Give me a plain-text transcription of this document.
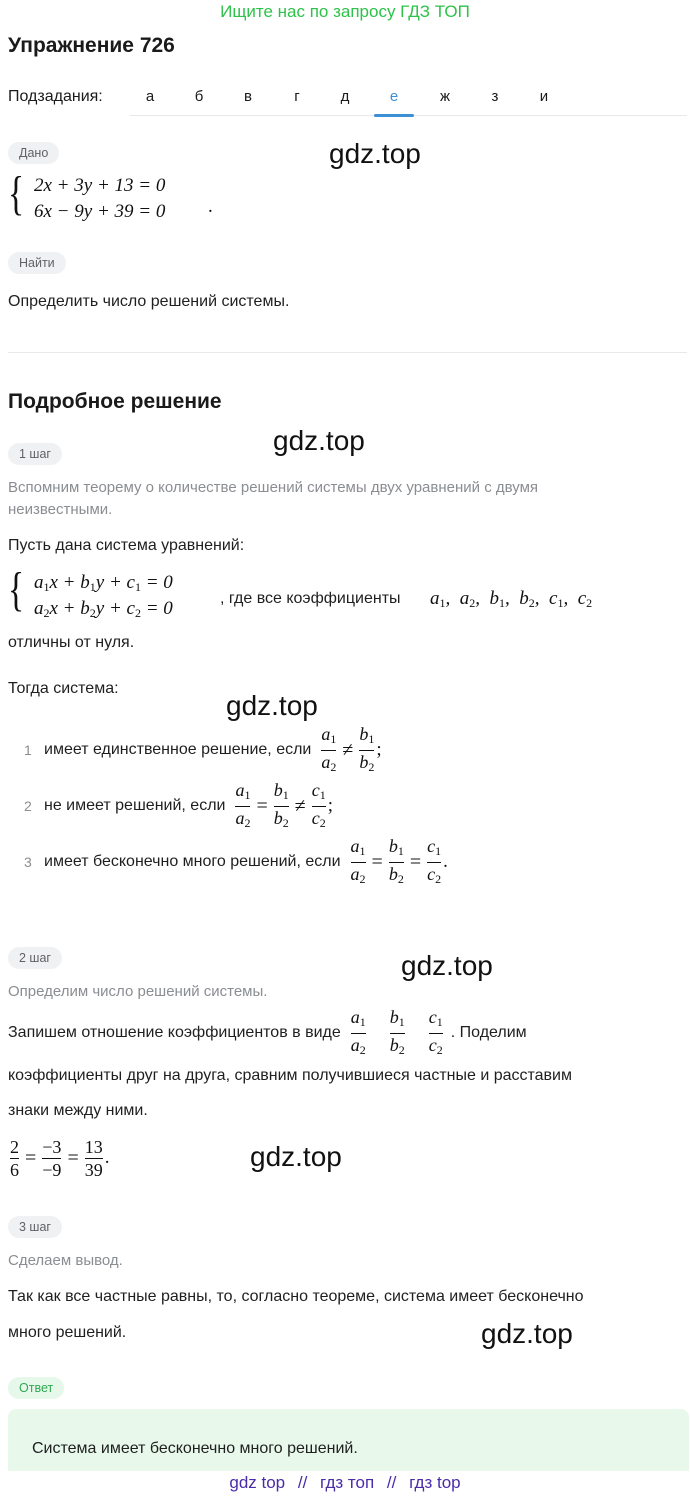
Ищите нас по запросу ГДЗ ТОП
Упражнение 726
Подзадания:	а	б	в	г	д	е	ж	з	и
Дано	gdz.top
{ 2x + 3y + 13 = 0
6x − 9y + 39 = 0 .
Найти
Определить число решений системы.
Подробное решение
1 шаг	gdz.top
Вспомним теорему о количестве решений системы двух уравнений с двумя неизвестными.
Пусть дана система уравнений:
{ $a_1x + b_1y + c_1 = 0$
$a_2x + b_2y + c_2 = 0$	, где все коэффициенты $a_1$,  $a_2$,  $b_1$,  $b_2$,  $c_1$,  $c_2$
отличны от нуля.
Тогда система:
gdz.top
1 имеет единственное решение, если $\frac{a_1}{a_2} \ne \frac{b_1}{b_2}$ ;
2 не имеет решений, если $\frac{a_1}{a_2} = \frac{b_1}{b_2} \ne \frac{c_1}{c_2}$ ;
3 имеет бесконечно много решений, если $\frac{a_1}{a_2} = \frac{b_1}{b_2} = \frac{c_1}{c_2}$ .
2 шаг	gdz.top
Определим число решений системы.
Запишем отношение коэффициентов в виде $\frac{a_1}{a_2} \frac{b_1}{b_2} \frac{c_1}{c_2}$ . Поделим
коэффициенты друг на друга, сравним получившиеся частные и расставим
знаки между ними.
$\frac{2}{6} = \frac{-3}{-9} = \frac{13}{39}$ .	gdz.top
3 шаг
Сделаем вывод.
Так как все частные равны, то, согласно теореме, система имеет бесконечно
много решений.	gdz.top
Ответ
Система имеет бесконечно много решений.
gdz top // гдз топ // гдз top
